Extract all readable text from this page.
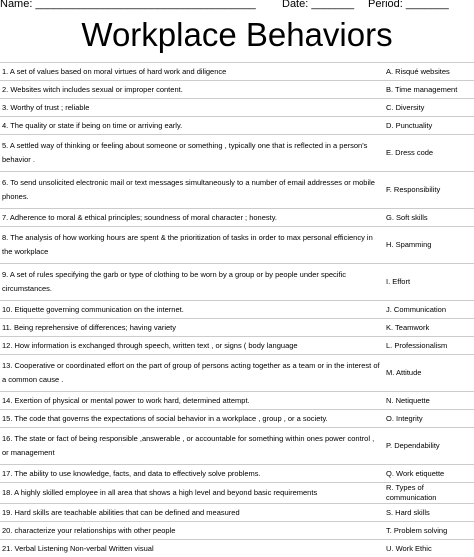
Name: ____________________________________

Date: _______

Period: _______

Workplace Behaviors
1. A set of values based on moral virtues of hard work and diligence	A. Risqué websites
2. Websites witch includes sexual or improper content.	B. Time management
3. Worthy of trust ; reliable	C. Diversity
4. The quality or state if being on time or arriving early.	D. Punctuality
5. A settled way of thinking or feeling about someone or something , typically one that is reflected in a person's behavior .
E. Dress code
6. To send unsolicited electronic mail or text messages simultaneously to a number of email addresses or mobile phones.
F. Responsibility
7. Adherence to moral & ethical principles; soundness of moral character ; honesty.	G. Soft skills
8. The analysis of how working hours are spent & the prioritization of tasks in order to max personal efficiency in the workplace
H. Spamming
9. A set of rules specifying the garb or type of clothing to be worn by a group or by people under specific circumstances.
I. Effort
10. Etiquette governing communication on the internet.	J. Communication
11. Being reprehensive of differences; having variety	K. Teamwork
12. How information is exchanged through speech, written text , or signs ( body language	L. Professionalism
13. Cooperative or coordinated effort on the part of group of persons acting together as a team or in the interest of a common cause .
M. Attitude
14. Exertion of physical or mental power to work hard, determined attempt.	N. Netiquette
15. The code that governs the expectations of social behavior in a workplace , group , or a society.	O. Integrity
16. The state or fact of being responsible ,answerable , or accountable for something within ones power control , or management
P. Dependability
17. The ability to use knowledge, facts, and data to effectively solve problems.	Q. Work etiquette
18. A highly skilled employee in all area that shows a high level and beyond basic requirements
R. Types of communication
19. Hard skills are teachable abilities that can be defined and measured	S. Hard skills
20. characterize your relationships with other people	T. Problem solving
21. Verbal Listening Non-verbal Written visual	U. Work Ethic
